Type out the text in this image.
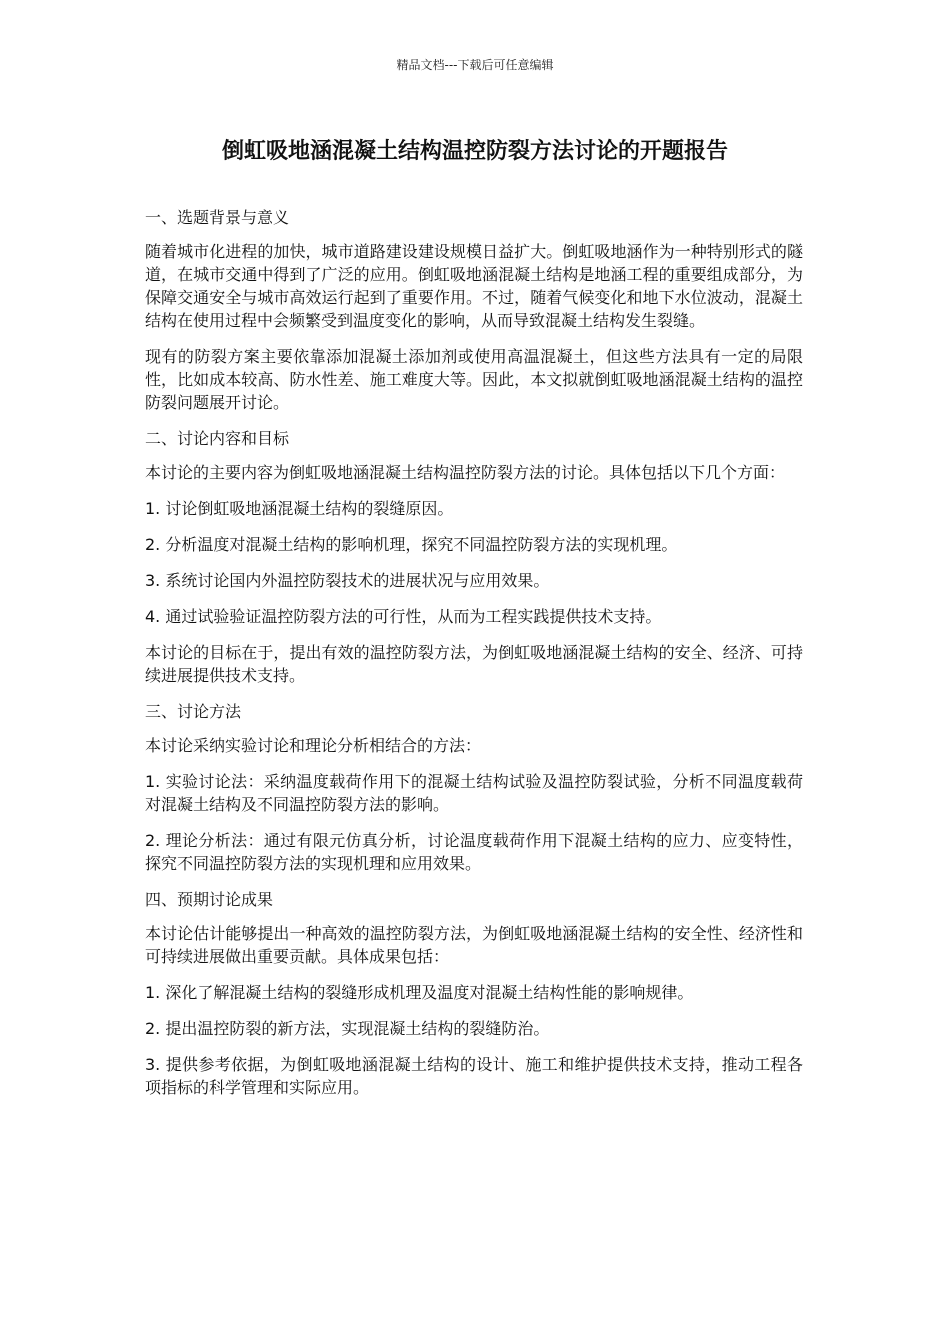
精品文档---下载后可任意编辑
倒虹吸地涵混凝土结构温控防裂方法讨论的开题报告

一、选题背景与意义

随着城市化进程的加快，城市道路建设建设规模日益扩大。倒虹吸地涵作为一种特别形式的隧道，在城市交通中得到了广泛的应用。倒虹吸地涵混凝土结构是地涵工程的重要组成部分，为保障交通安全与城市高效运行起到了重要作用。不过，随着气候变化和地下水位波动，混凝土结构在使用过程中会频繁受到温度变化的影响，从而导致混凝土结构发生裂缝。

现有的防裂方案主要依靠添加混凝土添加剂或使用高温混凝土，但这些方法具有一定的局限性，比如成本较高、防水性差、施工难度大等。因此，本文拟就倒虹吸地涵混凝土结构的温控防裂问题展开讨论。

二、讨论内容和目标

本讨论的主要内容为倒虹吸地涵混凝土结构温控防裂方法的讨论。具体包括以下几个方面：

1. 讨论倒虹吸地涵混凝土结构的裂缝原因。

2. 分析温度对混凝土结构的影响机理，探究不同温控防裂方法的实现机理。

3. 系统讨论国内外温控防裂技术的进展状况与应用效果。

4. 通过试验验证温控防裂方法的可行性，从而为工程实践提供技术支持。

本讨论的目标在于，提出有效的温控防裂方法，为倒虹吸地涵混凝土结构的安全、经济、可持续进展提供技术支持。

三、讨论方法

本讨论采纳实验讨论和理论分析相结合的方法：

1. 实验讨论法：采纳温度载荷作用下的混凝土结构试验及温控防裂试验，分析不同温度载荷对混凝土结构及不同温控防裂方法的影响。

2. 理论分析法：通过有限元仿真分析，讨论温度载荷作用下混凝土结构的应力、应变特性，探究不同温控防裂方法的实现机理和应用效果。

四、预期讨论成果

本讨论估计能够提出一种高效的温控防裂方法，为倒虹吸地涵混凝土结构的安全性、经济性和可持续进展做出重要贡献。具体成果包括：

1. 深化了解混凝土结构的裂缝形成机理及温度对混凝土结构性能的影响规律。

2. 提出温控防裂的新方法，实现混凝土结构的裂缝防治。

3. 提供参考依据，为倒虹吸地涵混凝土结构的设计、施工和维护提供技术支持，推动工程各项指标的科学管理和实际应用。
